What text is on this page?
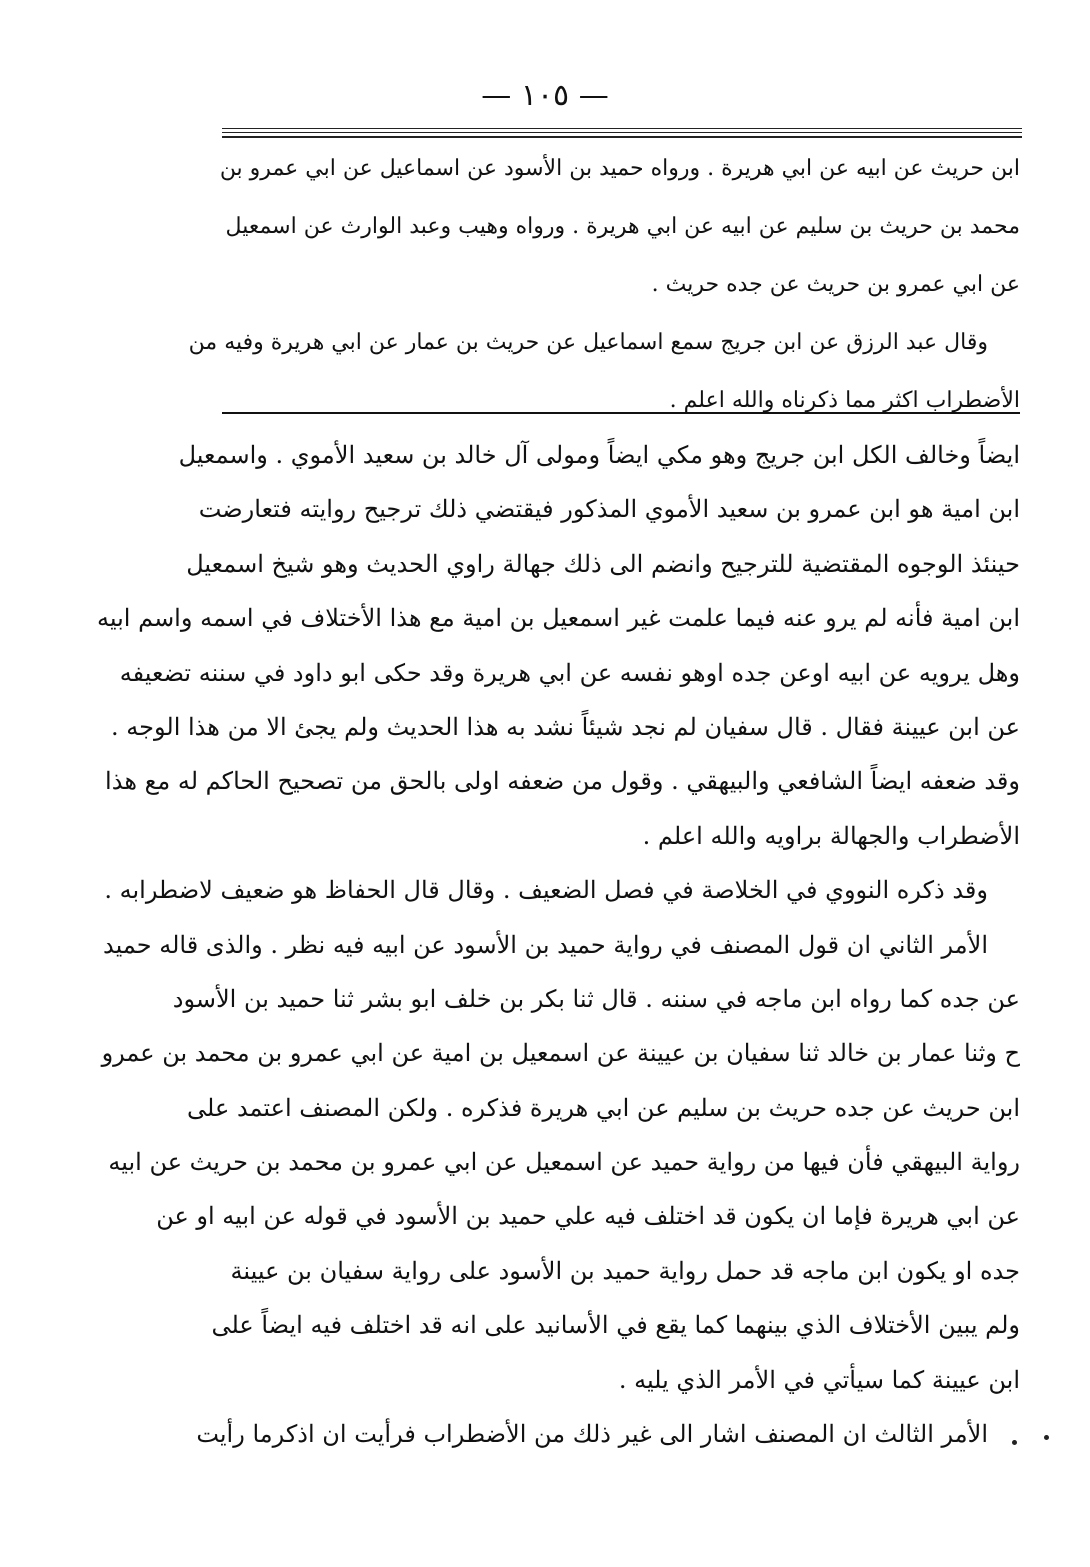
— ١٠٥ —
ابن حريث عن ابيه عن ابي هريرة . ورواه حميد بن الأسود عن اسماعيل عن ابي عمرو بن
محمد بن حريث بن سليم عن ابيه عن ابي هريرة . ورواه وهيب وعبد الوارث عن اسمعيل
عن ابي عمرو بن حريث عن جده حريث .
وقال عبد الرزق عن ابن جريج سمع اسماعيل عن حريث بن عمار عن ابي هريرة وفيه من
الأضطراب اكثر مما ذكرناه والله اعلم .
ايضاً وخالف الكل ابن جريج وهو مكي ايضاً ومولى آل خالد بن سعيد الأموي . واسمعيل
ابن امية هو ابن عمرو بن سعيد الأموي المذكور فيقتضي ذلك ترجيح روايته فتعارضت
حينئذ الوجوه المقتضية للترجيح وانضم الى ذلك جهالة راوي الحديث وهو شيخ اسمعيل
ابن امية فأنه لم يرو عنه فيما علمت غير اسمعيل بن امية مع هذا الأختلاف في اسمه واسم ابيه
وهل يرويه عن ابيه اوعن جده اوهو نفسه عن ابي هريرة وقد حكى ابو داود في سننه تضعيفه
عن ابن عيينة فقال . قال سفيان لم نجد شيئاً نشد به هذا الحديث ولم يجئ الا من هذا الوجه .
وقد ضعفه ايضاً الشافعي والبيهقي . وقول من ضعفه اولى بالحق من تصحيح الحاكم له مع هذا
الأضطراب والجهالة براويه والله اعلم .
وقد ذكره النووي في الخلاصة في فصل الضعيف . وقال قال الحفاظ هو ضعيف لاضطرابه .
الأمر الثاني ان قول المصنف في رواية حميد بن الأسود عن ابيه فيه نظر . والذى قاله حميد
عن جده كما رواه ابن ماجه في سننه . قال ثنا بكر بن خلف ابو بشر ثنا حميد بن الأسود
ح وثنا عمار بن خالد ثنا سفيان بن عيينة عن اسمعيل بن امية عن ابي عمرو بن محمد بن عمرو
ابن حريث عن جده حريث بن سليم عن ابي هريرة فذكره . ولكن المصنف اعتمد على
رواية البيهقي فأن فيها من رواية حميد عن اسمعيل عن ابي عمرو بن محمد بن حريث عن ابيه
عن ابي هريرة فإما ان يكون قد اختلف فيه علي حميد بن الأسود في قوله عن ابيه او عن
جده او يكون ابن ماجه قد حمل رواية حميد بن الأسود على رواية سفيان بن عيينة
ولم يبين الأختلاف الذي بينهما كما يقع في الأسانيد على انه قد اختلف فيه ايضاً على
ابن عيينة كما سيأتي في الأمر الذي يليه .
الأمر الثالث ان المصنف اشار الى غير ذلك من الأضطراب فرأيت ان اذكرما رأيت
